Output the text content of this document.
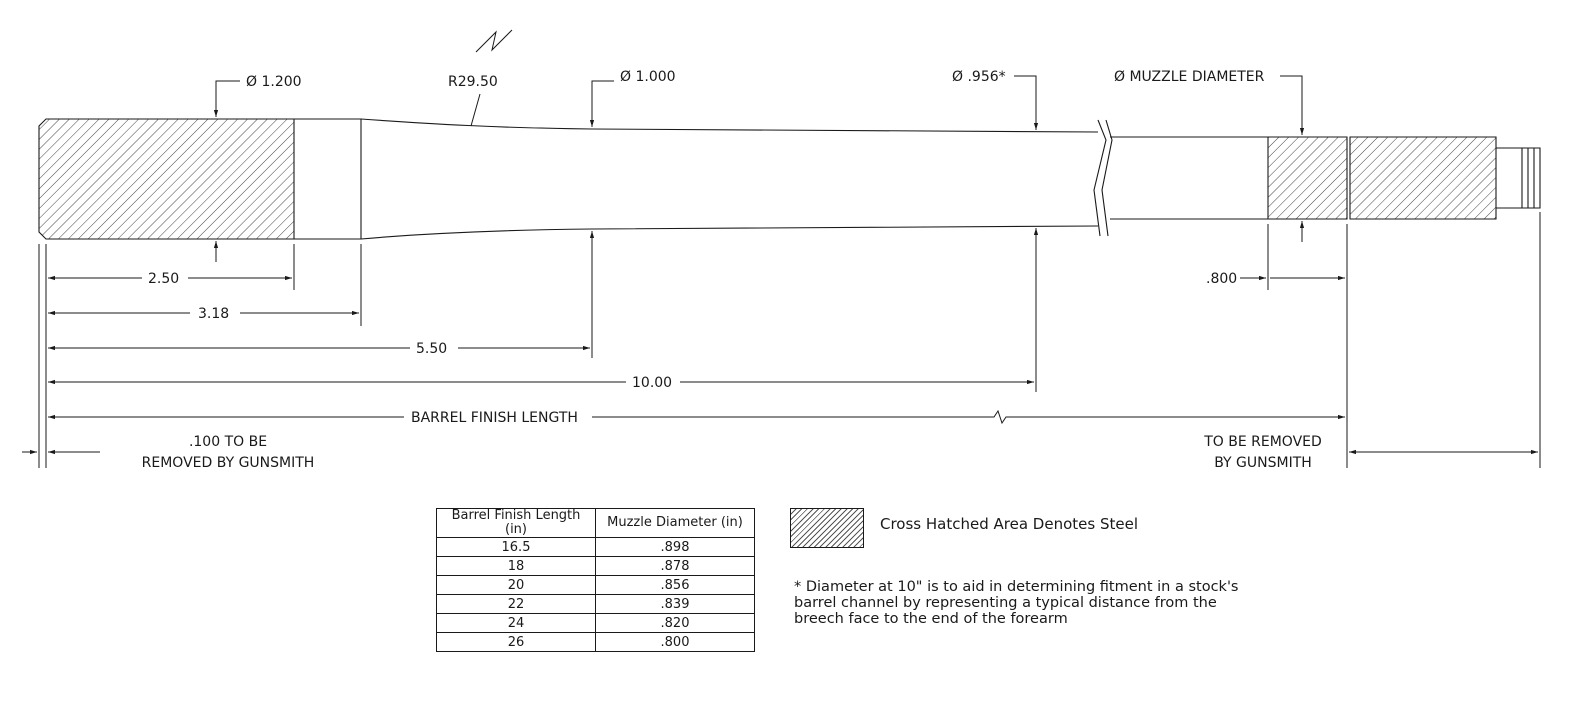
Ø 1.200	R29.50	Ø 1.000	Ø .956*	Ø MUZZLE DIAMETER
2.50
3.18
5.50
10.00
BARREL FINISH LENGTH
.800
.100 TO BE
REMOVED BY GUNSMITH
TO BE REMOVED
BY GUNSMITH
Barrel Finish Length (in)	Muzzle Diameter (in)
16.5	.898
18	.878
20	.856
22	.839
24	.820
26	.800
Cross Hatched Area Denotes Steel
* Diameter at 10" is to aid in determining fitment in a stock's barrel channel by representing a typical distance from the breech face to the end of the forearm
